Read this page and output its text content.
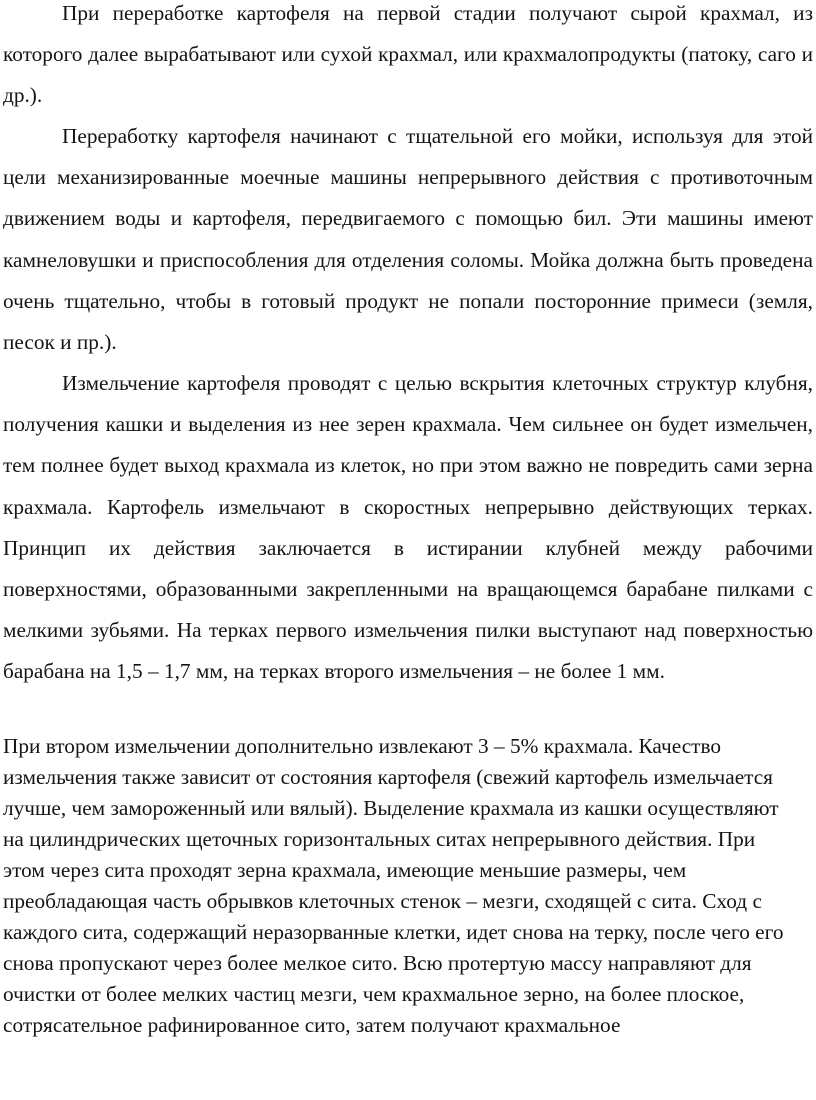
При переработке картофеля на первой стадии получают сырой крахмал, из которого далее вырабатывают или сухой крахмал, или крахмалопродукты (патоку, саго и др.).

Переработку картофеля начинают с тщательной его мойки, используя для этой цели механизированные моечные машины непрерывного действия с противоточным движением воды и картофеля, передвигаемого с помощью бил. Эти машины имеют камнеловушки и приспособления для отделения соломы. Мойка должна быть проведена очень тщательно, чтобы в готовый продукт не попали посторонние примеси (земля, песок и пр.).

Измельчение картофеля проводят с целью вскрытия клеточных структур клубня, получения кашки и выделения из нее зерен крахмала. Чем сильнее он будет измельчен, тем полнее будет выход крахмала из клеток, но при этом важно не повредить сами зерна крахмала. Картофель измельчают в скоростных непрерывно действующих терках. Принцип их действия заключается в истирании клубней между рабочими поверхностями, образованными закрепленными на вращающемся барабане пилками с мелкими зубьями. На терках первого измельчения пилки выступают над поверхностью барабана на 1,5 – 1,7 мм, на терках второго измельчения – не более 1 мм.

При втором измельчении дополнительно извлекают 3 – 5% крахмала. Качество измельчения также зависит от состояния картофеля (свежий картофель измельчается лучше, чем замороженный или вялый). Выделение крахмала из кашки осуществляют на цилиндрических щеточных горизонтальных ситах непрерывного действия. При этом через сита проходят зерна крахмала, имеющие меньшие размеры, чем преобладающая часть обрывков клеточных стенок – мезги, сходящей с сита. Сход с каждого сита, содержащий неразорванные клетки, идет снова на терку, после чего его снова пропускают через более мелкое сито. Всю протертую массу направляют для очистки от более мелких частиц мезги, чем крахмальное зерно, на более плоское, сотрясательное рафинированное сито, затем получают крахмальное
